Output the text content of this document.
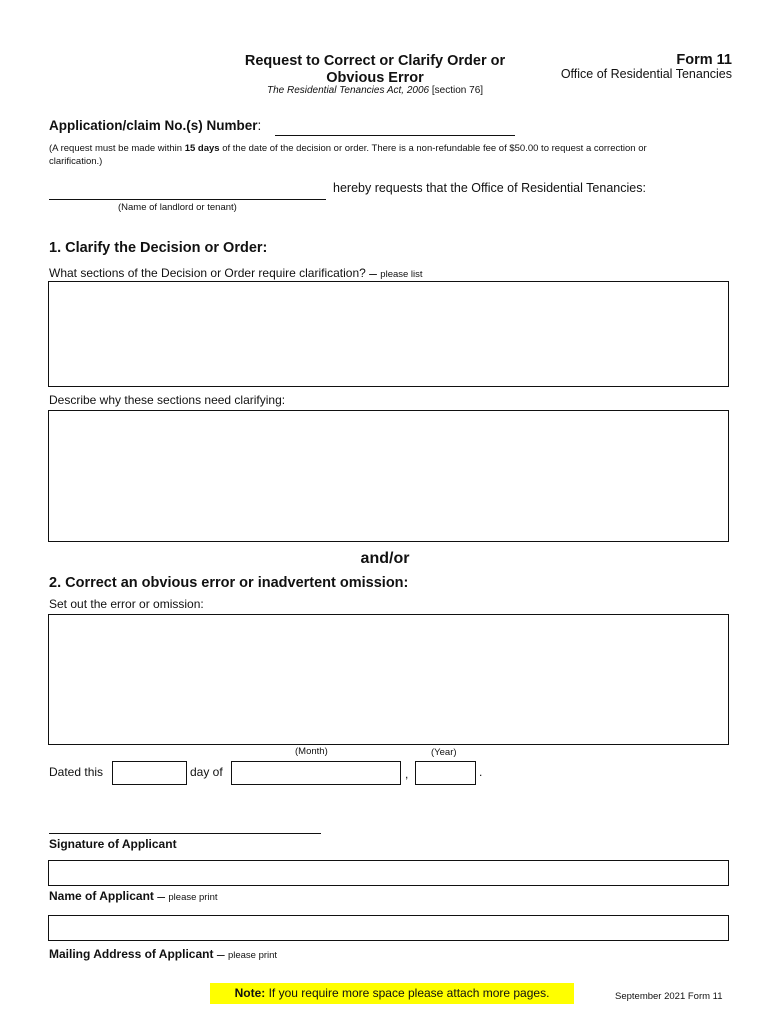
Request to Correct or Clarify Order or
Obvious Error
The Residential Tenancies Act, 2006 [section 76]
Form 11
Office of Residential Tenancies
Application/claim No.(s) Number:
(A request must be made within 15 days of the date of the decision or order. There is a non-refundable fee of $50.00 to request a correction or clarification.)
hereby requests that the Office of Residential Tenancies:
(Name of landlord or tenant)
1. Clarify the Decision or Order:
What sections of the Decision or Order require clarification? – please list
Describe why these sections need clarifying:
and/or
2. Correct an obvious error or inadvertent omission:
Set out the error or omission:
(Month)	(Year)
Dated this	day of	,	.
Signature of Applicant
Name of Applicant – please print
Mailing Address of Applicant – please print
Note: If you require more space please attach more pages.	September 2021 Form 11
